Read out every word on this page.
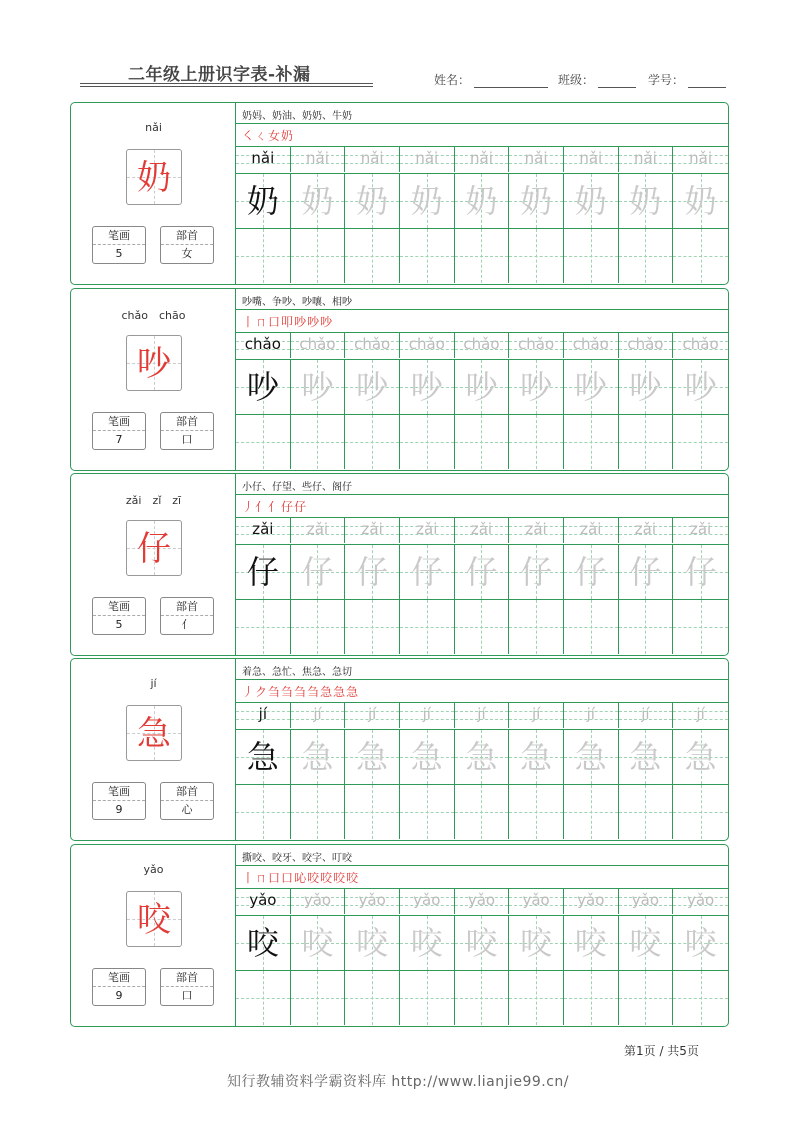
二年级上册识字表-补漏	姓名：	班级：	学号：
nǎi
奶
笔画
5
部首
女
奶妈、奶油、奶奶、牛奶
㇛ㄑ女奶
nǎi	nǎi	nǎi	nǎi	nǎi	nǎi	nǎi	nǎi	nǎi
奶 奶 奶 奶 奶 奶 奶 奶 奶
chǎo　chāo
吵
笔画
7
部首
口
吵嘴、争吵、吵嚷、相吵
丨ㄇ口叩吵吵吵
chǎo	chǎo	chǎo	chǎo	chǎo	chǎo	chǎo	chǎo	chǎo
吵 吵 吵 吵 吵 吵 吵 吵 吵
zǎi　zǐ　zī
仔
笔画
5
部首
亻
小仔、仔望、些仔、阁仔
丿亻亻仔仔
zǎi	zǎi	zǎi	zǎi	zǎi	zǎi	zǎi	zǎi	zǎi
仔 仔 仔 仔 仔 仔 仔 仔 仔
jí
急
笔画
9
部首
心
着急、急忙、焦急、急切
丿ク刍刍刍刍急急急
jí	jí	jí	jí	jí	jí	jí	jí	jí
急 急 急 急 急 急 急 急 急
yǎo
咬
笔画
9
部首
口
撕咬、咬牙、咬字、叮咬
丨ㄇ口口吣咬咬咬咬
yǎo	yǎo	yǎo	yǎo	yǎo	yǎo	yǎo	yǎo	yǎo
咬 咬 咬 咬 咬 咬 咬 咬 咬
第1页 / 共5页
知行教辅资料学霸资料库 http://www.lianjie99.cn/
